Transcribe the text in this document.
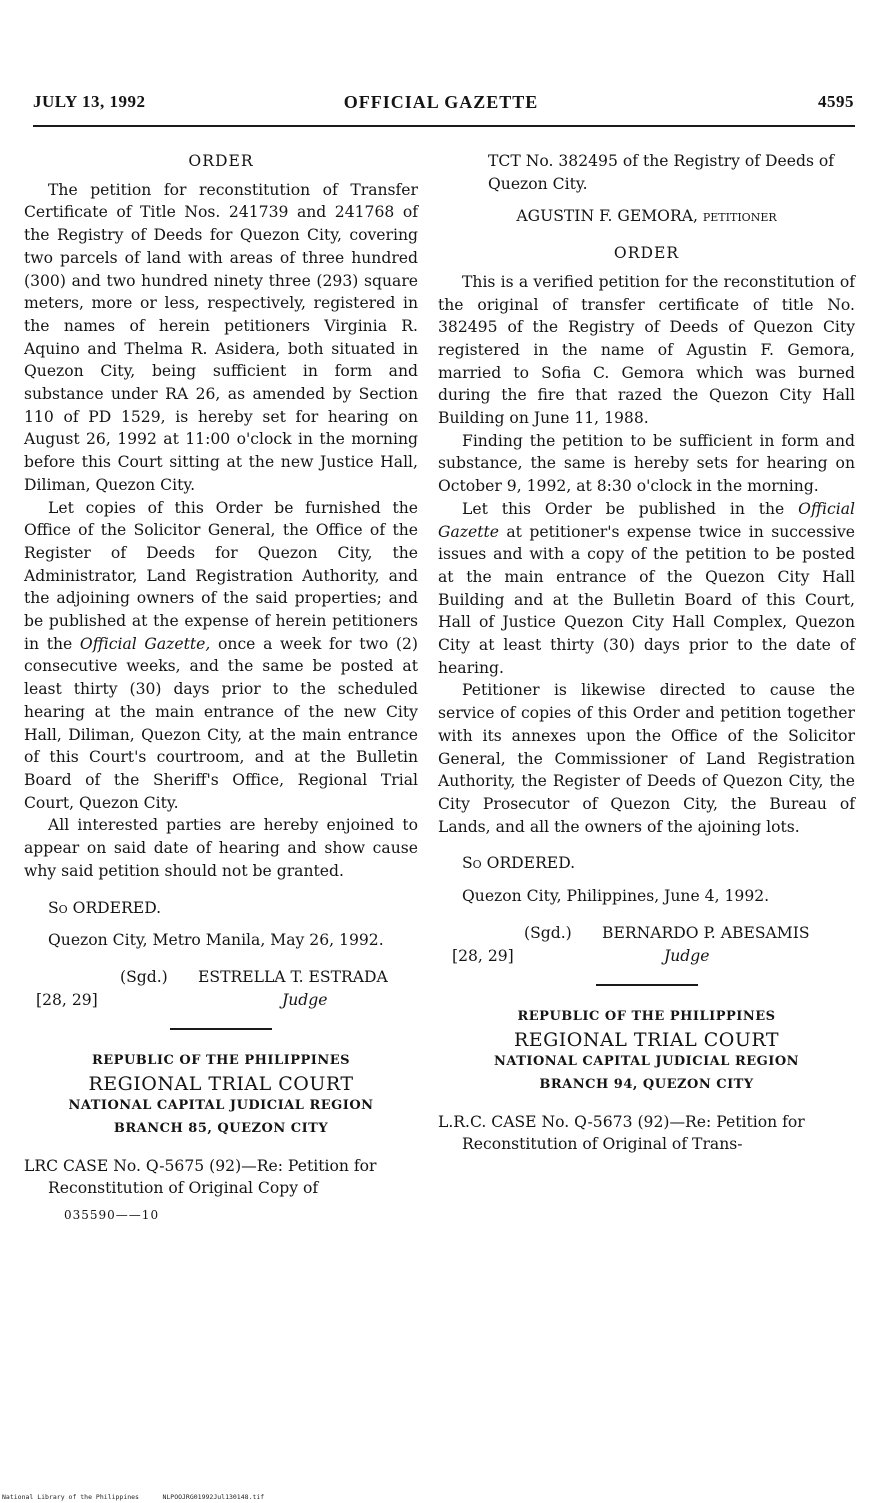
OFFICIAL GAZETTE
JULY 13, 1992	4595

ORDER

The petition for reconstitution of Transfer Certificate of Title Nos. 241739 and 241768 of the Registry of Deeds for Quezon City, covering two parcels of land with areas of three hundred (300) and two hundred ninety three (293) square meters, more or less, respectively, registered in the names of herein petitioners Virginia R. Aquino and Thelma R. Asidera, both situated in Quezon City, being sufficient in form and substance under RA 26, as amended by Section 110 of PD 1529, is hereby set for hearing on August 26, 1992 at 11:00 o'clock in the morning before this Court sitting at the new Justice Hall, Diliman, Quezon City.

Let copies of this Order be furnished the Office of the Solicitor General, the Office of the Register of Deeds for Quezon City, the Administrator, Land Registration Authority, and the adjoining owners of the said properties; and be published at the expense of herein petitioners in the Official Gazette, once a week for two (2) consecutive weeks, and the same be posted at least thirty (30) days prior to the scheduled hearing at the main entrance of the new City Hall, Diliman, Quezon City, at the main entrance of this Court's courtroom, and at the Bulletin Board of the Sheriff's Office, Regional Trial Court, Quezon City.

All interested parties are hereby enjoined to appear on said date of hearing and show cause why said petition should not be granted.

So ORDERED.

Quezon City, Metro Manila, May 26, 1992.

(Sgd.) ESTRELLA T. ESTRADA
[28, 29]	Judge

REPUBLIC OF THE PHILIPPINES

REGIONAL TRIAL COURT

NATIONAL CAPITAL JUDICIAL REGION

BRANCH 85, QUEZON CITY

LRC CASE No. Q-5675 (92)—Re: Petition for Reconstitution of Original Copy of

035590——10

TCT No. 382495 of the Registry of Deeds of Quezon City.

AGUSTIN F. GEMORA, petitioner

ORDER

This is a verified petition for the reconstitution of the original of transfer certificate of title No. 382495 of the Registry of Deeds of Quezon City registered in the name of Agustin F. Gemora, married to Sofia C. Gemora which was burned during the fire that razed the Quezon City Hall Building on June 11, 1988.

Finding the petition to be sufficient in form and substance, the same is hereby sets for hearing on October 9, 1992, at 8:30 o'clock in the morning.

Let this Order be published in the Official Gazette at petitioner's expense twice in successive issues and with a copy of the petition to be posted at the main entrance of the Quezon City Hall Building and at the Bulletin Board of this Court, Hall of Justice Quezon City Hall Complex, Quezon City at least thirty (30) days prior to the date of hearing.

Petitioner is likewise directed to cause the service of copies of this Order and petition together with its annexes upon the Office of the Solicitor General, the Commissioner of Land Registration Authority, the Register of Deeds of Quezon City, the City Prosecutor of Quezon City, the Bureau of Lands, and all the owners of the ajoining lots.

So ORDERED.

Quezon City, Philippines, June 4, 1992.

(Sgd.) BERNARDO P. ABESAMIS
[28, 29]	Judge

REPUBLIC OF THE PHILIPPINES

REGIONAL TRIAL COURT

NATIONAL CAPITAL JUDICIAL REGION

BRANCH 94, QUEZON CITY

L.R.C. CASE No. Q-5673 (92)—Re: Petition for Reconstitution of Original of Trans-

National Library of the Philippines	NLPOOJRG01992Jul130148.tif
